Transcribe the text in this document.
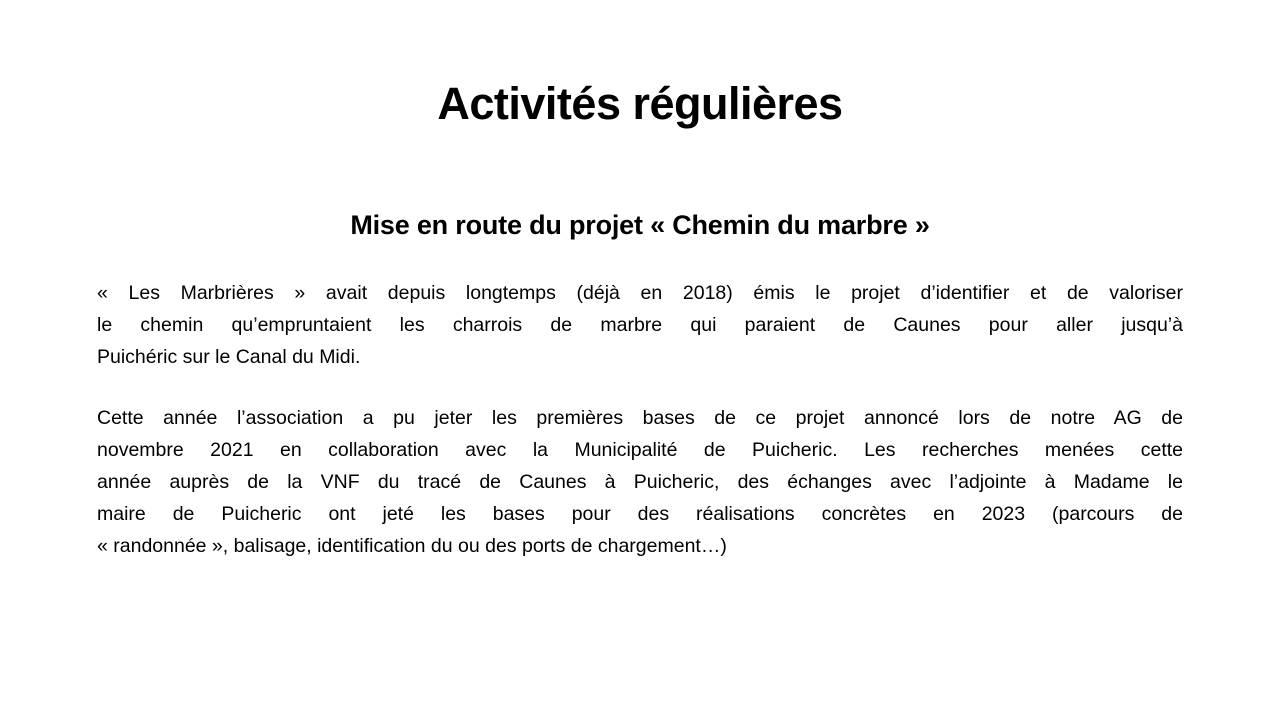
Activités régulières
Mise en route du projet « Chemin du marbre »
« Les Marbrières » avait depuis longtemps (déjà en 2018) émis le projet d’identifier et de valoriser
le chemin qu’empruntaient les charrois de marbre qui paraient de Caunes pour aller jusqu’à
Puichéric sur le Canal du Midi.
Cette année l’association a pu jeter les premières bases de ce projet annoncé lors de notre AG de
novembre 2021 en collaboration avec la Municipalité de Puicheric. Les recherches menées cette
année auprès de la VNF du tracé de Caunes à Puicheric, des échanges avec l’adjointe à Madame le
maire de Puicheric ont jeté les bases pour des réalisations concrètes en 2023 (parcours de
« randonnée », balisage, identification du ou des ports de chargement…)
